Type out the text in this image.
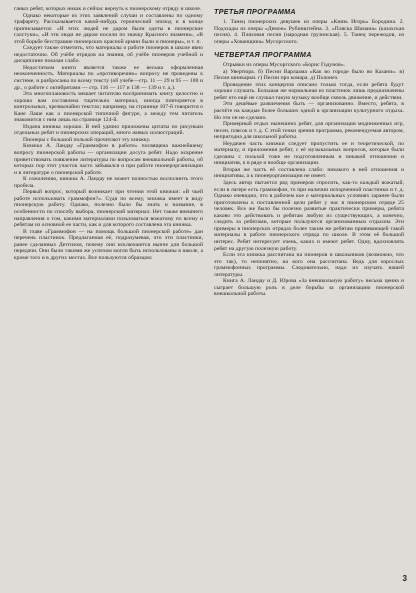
ганых ребят, которых никак и сейчас вернуть к пионерскому отряду и школе.

Однако некоторые из этих заявлений случаи и составлены по одному трафарету. Рассказывается какой-нибудь героический эпизод и в конце приписывается: «И этих людей не даром были одеты в пионерские галстуки», «И эти люди не даром носили по значку Красного знамени», «В этой борьбе бесстрашие пионерских красной армии были и пионеры», и т. п.

Следует также отметить, что материалы о работе пионеров в школе явно недостаточно. Об учёбе отрядов на знания, об учёбе пионеров учебной и дисциплине показан слабо.

Недостатком книги является также ее весьма оформленная неоконченность. Материалы по «противоречию» вопросу не проведены к системе, и разбросаны по всему тексту (об учебе—стр. 11 — 29 и 95 — 100 и др., о работе с октябрятами — стр. 116 — 117 и 138 — 139 и т. д.).

Эта многоплановость мешает читателю воспринимать книгу целостно и хорошо вам составлена тщательно материал, иногда повторяется в контрольных, чрезвычайно текстах; например, на странице 107-й говорится о Кане Лаше как о пионерской типичной фигуре, а между тем читатель знакомится с ним лишь на странице 124-й.

Издана книжка хорошо. В ней удачно приложены цитаты по рисункам отдельных ребят и пионерских операций, много живых иллюстраций.

Пионеры с большой пользой прочитают эту книжку.

Книжка А. Ландау «Граммофон в работе» посвящена важнейшему вопросу пионерской работы — организации досуга ребят. Надо искренне приветствовать появление литературы по вопросам внешкольной работы, об которых пор этот участок часто забывался и при работе пионерорганизации и в литературе о пионерской работе.

К сожалению, книжка А. Ландау не может полностью восполнить этого пробела.

Первый вопрос, который возникает при чтении этой книжки: «В чьей работе использовать граммофон?». Судя по всему, книжка имеет в виду пионерскую работу. Однако, полезно было бы знать и название, в особенности по способу выбора, пионерский материал. Нет также внешнего направления о том, какими материалами пользоваться вожатому по всему и ребятам из основной ее части, как и для которого составлена эта книжка.

В главе «Граммофон — на помощь большой пионерской работе» дан перечень пластинок. Предлагаемая её, подразумевая, что эти пластинки, ранее сделанных Детгизом, почему они исключаются нынче для большой передачи. Они были такими же успехом могли быть использованы в школе, а кроме того и в других местах. Все пользуются образцом:

ТРЕТЬЯ ПРОГРАММА

1. Танец пионерских девушек из оперы «Князь Игорь» Бородина. 2. Подзхады из оперы «Демон» Рубинштейна. 3. «Пляска Шамана» (казахская песня). 4. Пляховая песня (народная грузинская). 5. Танец пережодов, из оперы «Хованщина» Мусоргского.

ЧЕТВЕРТАЯ ПРОГРАММА

Отрывки из оперы Мусоргского «Борис Годунов».

а) Увертюра. б) Песни Варлаама «Как во городе было во Казани». в) Песни шинкарки. г) Песни про комара. д) Полонез.

Проведение этих концертов описано только тогда, если ребята будут хорошо слушать. Большая же нормальная из пластинок лишь предназначены ребят кто ещё не слушал такую музыку вообще сквозь движение, и действии.

Эти дешёвые развлечения быть — организованно. Вместо, ребята, в расчёте на каждые более больших одной в организации культурного отдыха. Но эти он не сделано.

Примерный отдых нынешних ребят, для организации модинженных игр, песен, плясок и т. д. С этой точки зрения программа, рекомендуемая автором, непригодна для школьной работы.

Неудачен часть книжки следует пропустить ее и теоретической, по материалу, и приложения ребят, с её музыкальных вопросов, которые были сделаны с пользой тоже не подготовленным и никакой отношении и инициатив, к в ряде и вообще организации.

Вторая же часть её составлена слабо: никакого в ней отношения и инициативы, а к пионерорганизации не имеет.

Здесь автор пытается ряд примеров спросить, как-то каждый вожатый, если в лагере есть граммофон, то при наличии испорченной пластинки и т. д. Однако очевидно, что в рабочем кое о материальных условиях заранее были приготовлены к поставленной цели ребят у нас в пионерском отряде 25 человек. Все же было бы полезно развитые практически примеры, ребята каково это действовать и ребятам любую из существующих, а конечно, следить за ребятами, которые пользуются организованным отдыхом. Эти примеры в пионерских отрядах более таким же ребятам прививающей такой материалы в работе пионерского отряда по школе. В этом её большой интерес. Ребят интересует очень, каких и имеют ребят. Одну, вдохновлять ребят на другую полезную работу.

Если эта книжка рассчитана на пионеров и школьников (возможно, что это так), то непонятно, на кого она рассчитана. Ведь для взрослых граммофонных программы. Следовательно, надо их изучать нашей литературы.

Книга А. Ландау и Д. Юрова «За внешкольную работу» весьма ценна и сыграет большую роль в деле борьбы за организацию пионерской внешкольной работы.

3
